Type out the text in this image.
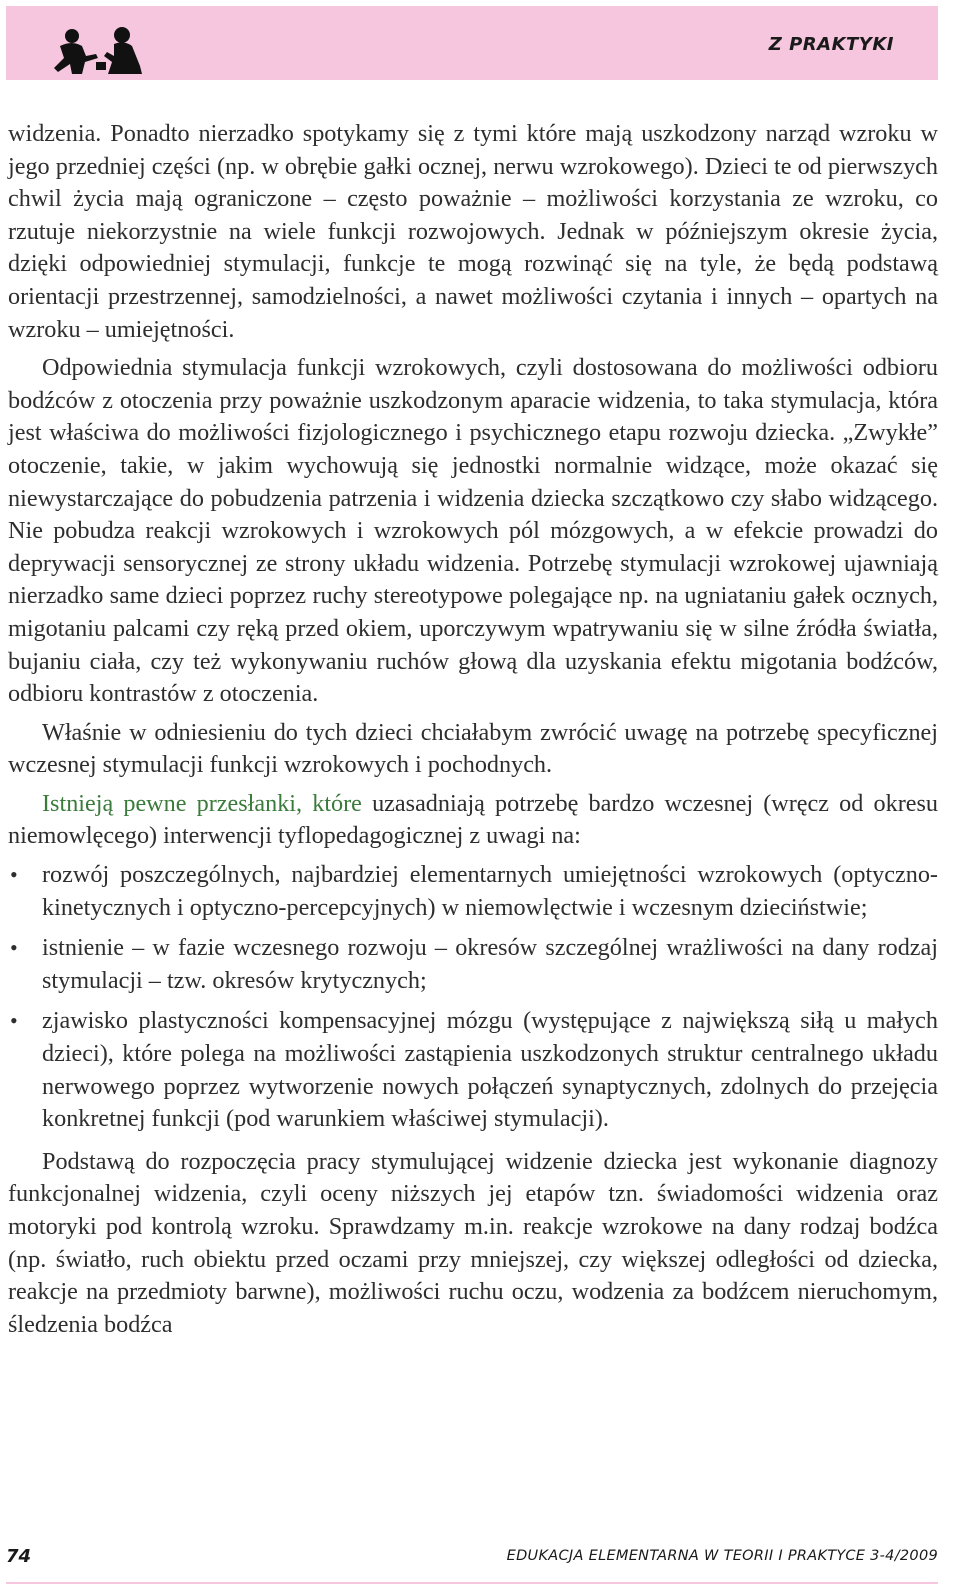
Z PRAKTYKI

widzenia. Ponadto nierzadko spotykamy się z tymi które mają uszkodzony narząd wzroku w jego przedniej części (np. w obrębie gałki ocznej, nerwu wzrokowego). Dzieci te od pierwszych chwil życia mają ograniczone – często poważnie – możliwości korzystania ze wzroku, co rzutuje niekorzystnie na wiele funkcji rozwojowych. Jednak w późniejszym okresie życia, dzięki odpowiedniej stymulacji, funkcje te mogą rozwinąć się na tyle, że będą podstawą orientacji przestrzennej, samodzielności, a nawet możliwości czytania i innych – opartych na wzroku – umiejętności.

Odpowiednia stymulacja funkcji wzrokowych, czyli dostosowana do możliwości odbioru bodźców z otoczenia przy poważnie uszkodzonym aparacie widzenia, to taka stymulacja, która jest właściwa do możliwości fizjologicznego i psychicznego etapu rozwoju dziecka. „Zwykłe” otoczenie, takie, w jakim wychowują się jednostki normalnie widzące, może okazać się niewystarczające do pobudzenia patrzenia i widzenia dziecka szczątkowo czy słabo widzącego. Nie pobudza reakcji wzrokowych i wzrokowych pól mózgowych, a w efekcie prowadzi do deprywacji sensorycznej ze strony układu widzenia. Potrzebę stymulacji wzrokowej ujawniają nierzadko same dzieci poprzez ruchy stereotypowe polegające np. na ugniataniu gałek ocznych, migotaniu palcami czy ręką przed okiem, uporczywym wpatrywaniu się w silne źródła światła, bujaniu ciała, czy też wykonywaniu ruchów głową dla uzyskania efektu migotania bodźców, odbioru kontrastów z otoczenia.

Właśnie w odniesieniu do tych dzieci chciałabym zwrócić uwagę na potrzebę specyficznej wczesnej stymulacji funkcji wzrokowych i pochodnych.

Istnieją pewne przesłanki, które uzasadniają potrzebę bardzo wczesnej (wręcz od okresu niemowlęcego) interwencji tyflopedagogicznej z uwagi na:

• rozwój poszczególnych, najbardziej elementarnych umiejętności wzrokowych (optyczno-kinetycznych i optyczno-percepcyjnych) w niemowlęctwie i wczesnym dzieciństwie;
• istnienie – w fazie wczesnego rozwoju – okresów szczególnej wrażliwości na dany rodzaj stymulacji – tzw. okresów krytycznych;
• zjawisko plastyczności kompensacyjnej mózgu (występujące z największą siłą u małych dzieci), które polega na możliwości zastąpienia uszkodzonych struktur centralnego układu nerwowego poprzez wytworzenie nowych połączeń synaptycznych, zdolnych do przejęcia konkretnej funkcji (pod warunkiem właściwej stymulacji).

Podstawą do rozpoczęcia pracy stymulującej widzenie dziecka jest wykonanie diagnozy funkcjonalnej widzenia, czyli oceny niższych jej etapów tzn. świadomości widzenia oraz motoryki pod kontrolą wzroku. Sprawdzamy m.in. reakcje wzrokowe na dany rodzaj bodźca (np. światło, ruch obiektu przed oczami przy mniejszej, czy większej odległości od dziecka, reakcje na przedmioty barwne), możliwości ruchu oczu, wodzenia za bodźcem nieruchomym, śledzenia bodźca

74	EDUKACJA ELEMENTARNA W TEORII I PRAKTYCE 3-4/2009
